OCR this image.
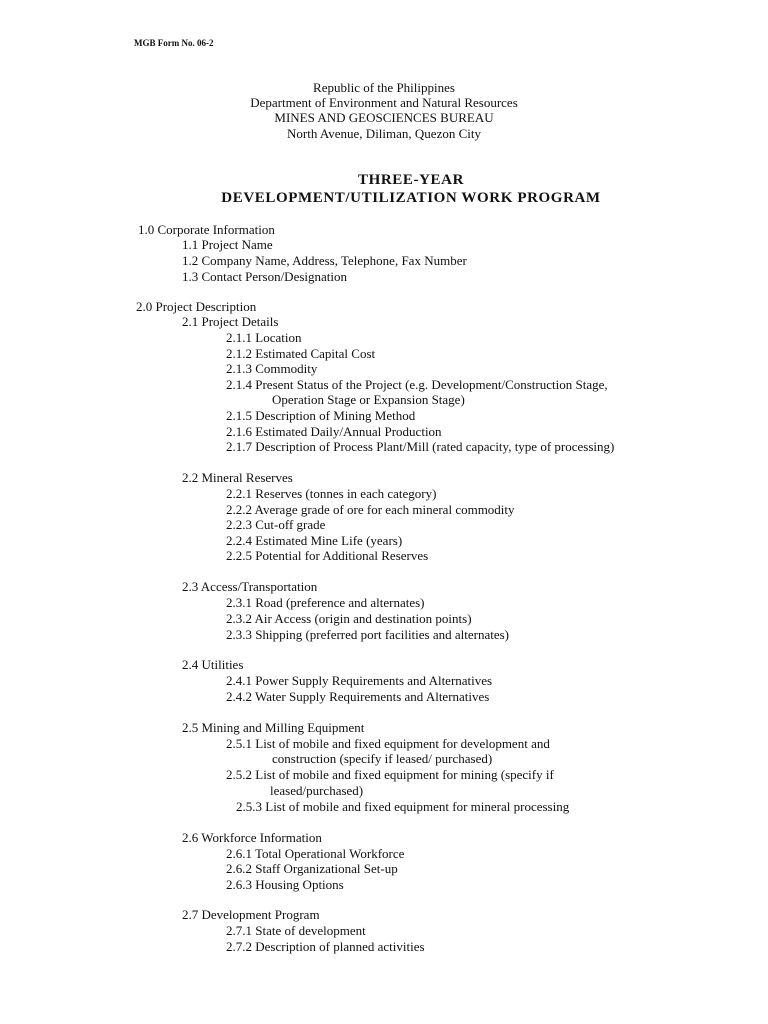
MGB Form No. 06-2
Republic of the Philippines
Department of Environment and Natural Resources
MINES AND GEOSCIENCES BUREAU
North Avenue, Diliman, Quezon City
THREE-YEAR
DEVELOPMENT/UTILIZATION WORK PROGRAM
1.0 Corporate Information
1.1 Project Name
1.2 Company Name, Address, Telephone, Fax Number
1.3 Contact Person/Designation
2.0 Project Description
2.1 Project Details
2.1.1 Location
2.1.2 Estimated Capital Cost
2.1.3 Commodity
2.1.4 Present Status of the Project (e.g. Development/Construction Stage,
Operation Stage or Expansion Stage)
2.1.5 Description of Mining Method
2.1.6 Estimated Daily/Annual Production
2.1.7 Description of Process Plant/Mill (rated capacity, type of processing)
2.2 Mineral Reserves
2.2.1 Reserves (tonnes in each category)
2.2.2 Average grade of ore for each mineral commodity
2.2.3 Cut-off grade
2.2.4 Estimated Mine Life (years)
2.2.5 Potential for Additional Reserves
2.3 Access/Transportation
2.3.1 Road (preference and alternates)
2.3.2 Air Access (origin and destination points)
2.3.3 Shipping (preferred port facilities and alternates)
2.4 Utilities
2.4.1 Power Supply Requirements and Alternatives
2.4.2 Water Supply Requirements and Alternatives
2.5 Mining and Milling Equipment
2.5.1 List of mobile and fixed equipment for development and
construction (specify if leased/ purchased)
2.5.2 List of mobile and fixed equipment for mining (specify if
leased/purchased)
2.5.3 List of mobile and fixed equipment for mineral processing
2.6 Workforce Information
2.6.1 Total Operational Workforce
2.6.2 Staff Organizational Set-up
2.6.3 Housing Options
2.7 Development Program
2.7.1 State of development
2.7.2 Description of planned activities
